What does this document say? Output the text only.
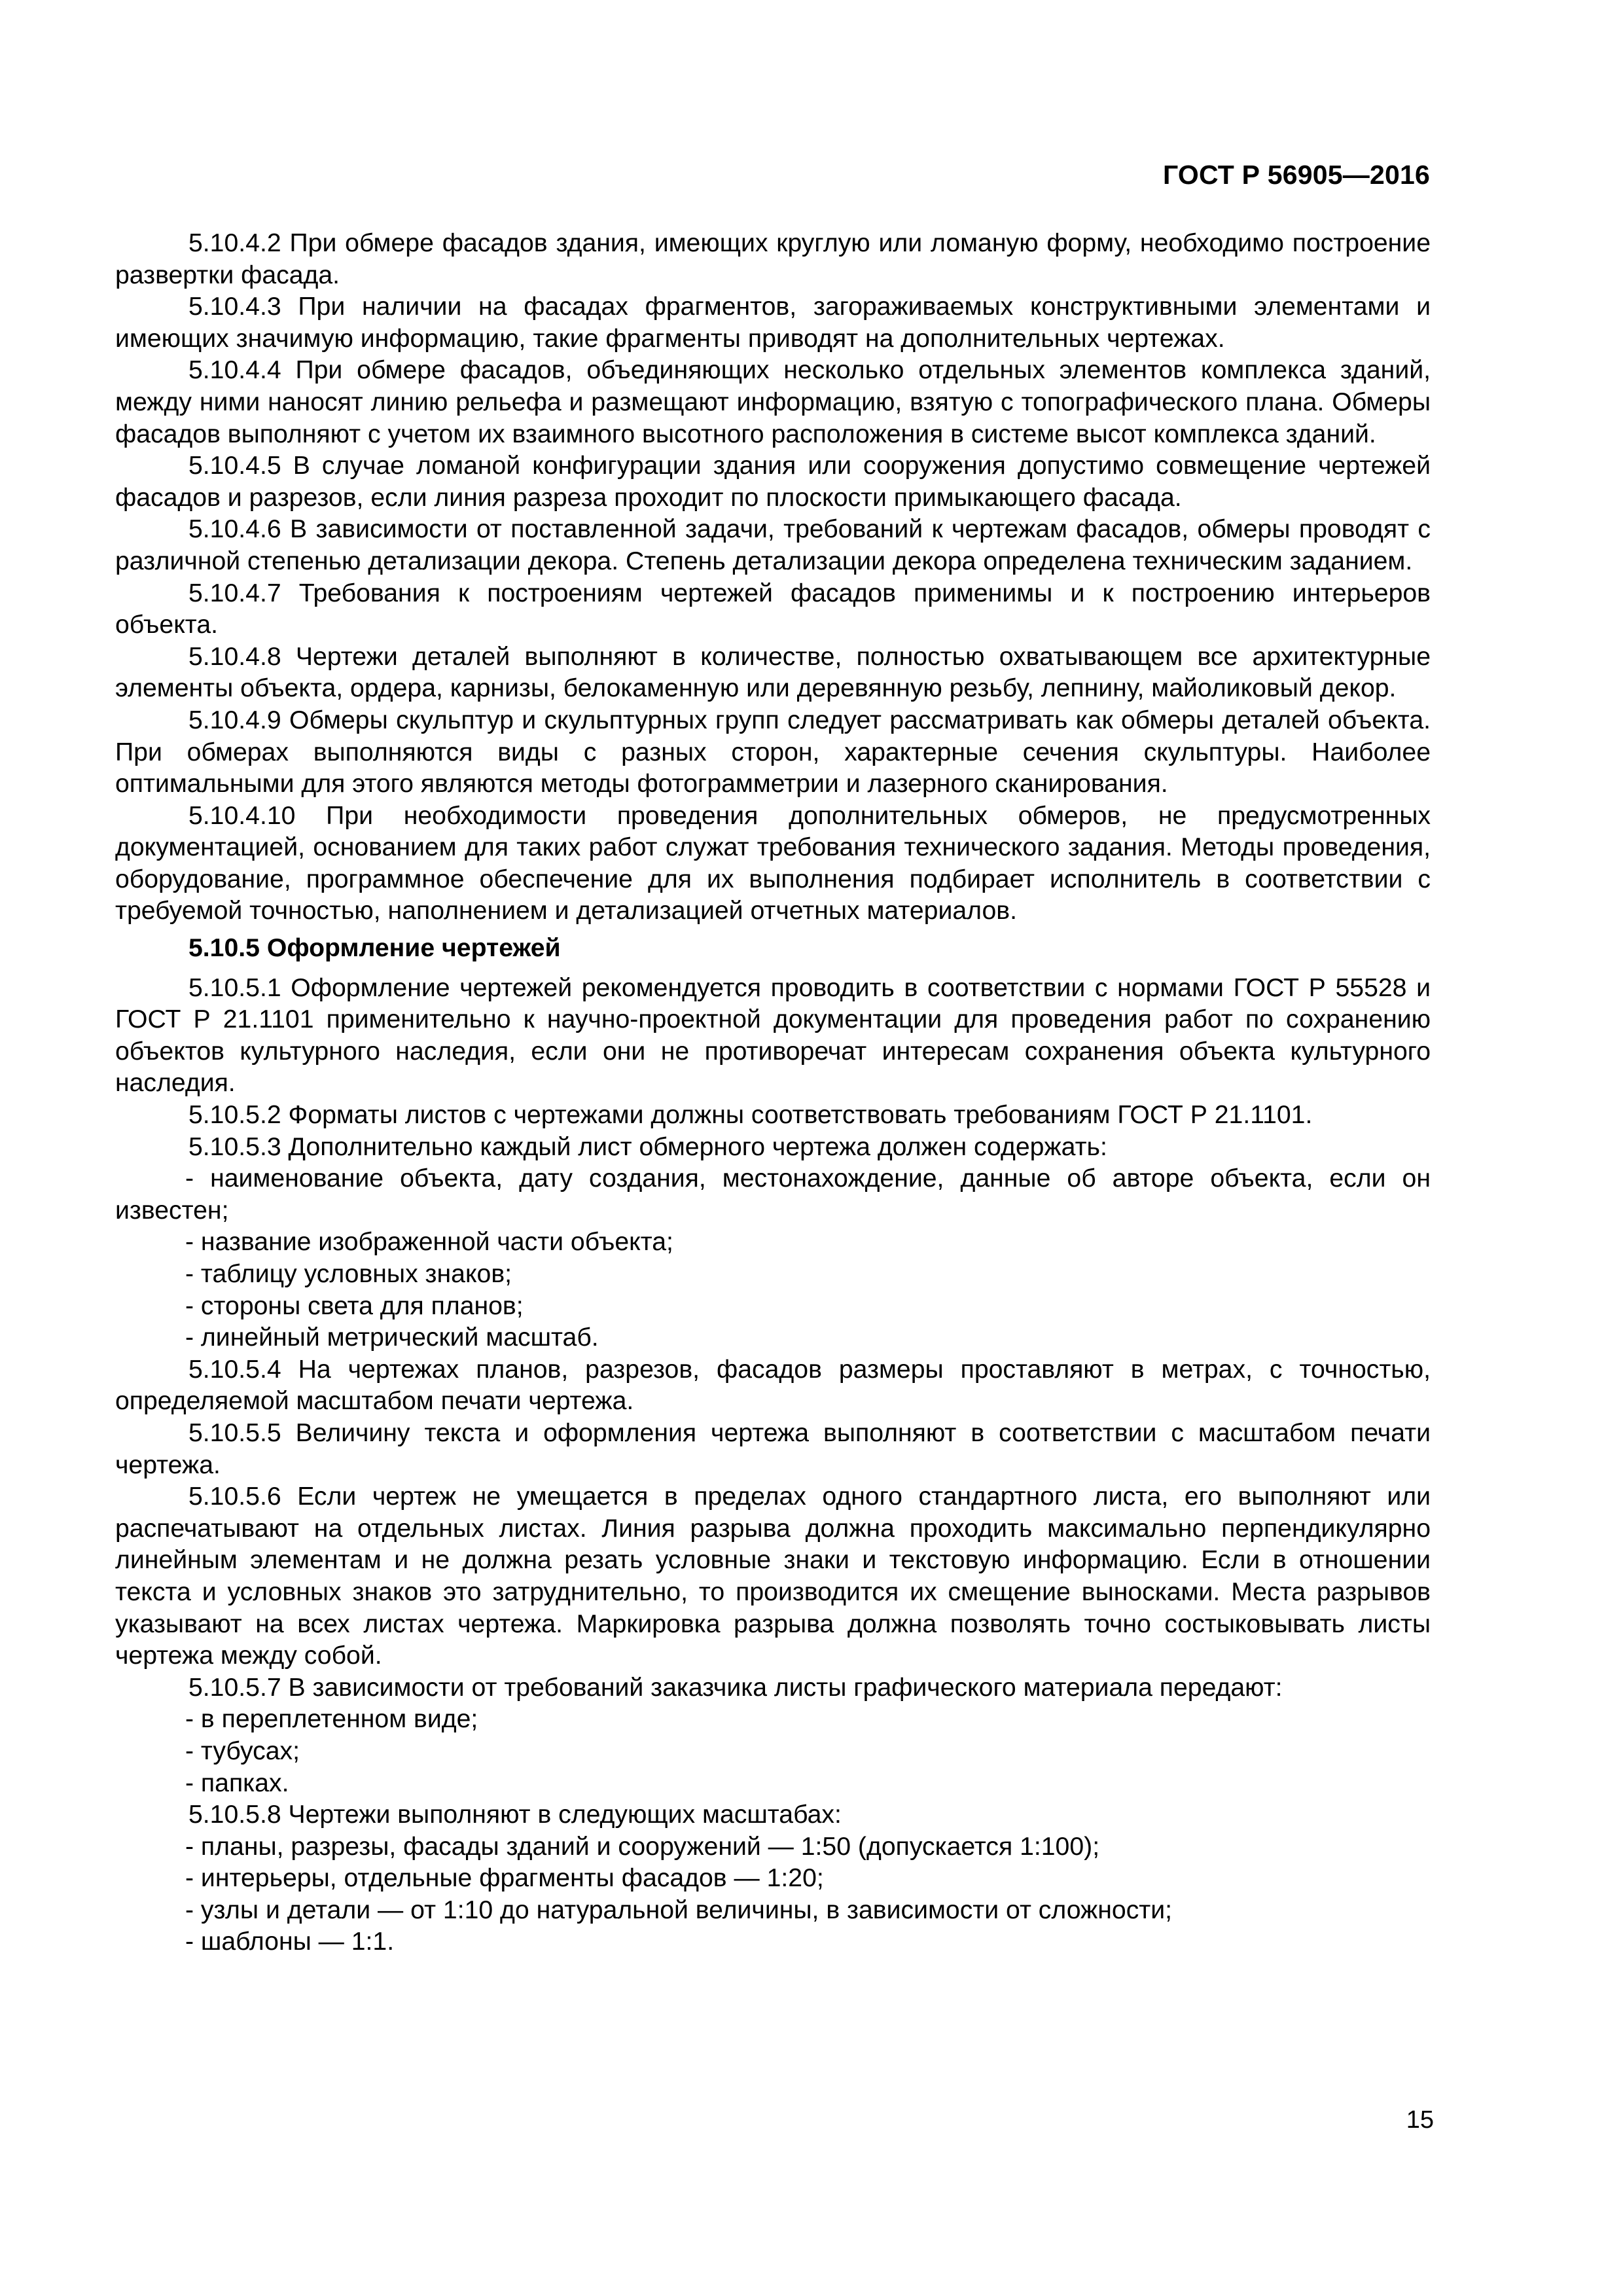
ГОСТ Р 56905—2016

5.10.4.2 При обмере фасадов здания, имеющих круглую или ломаную форму, необходимо построение развертки фасада.

5.10.4.3 При наличии на фасадах фрагментов, загораживаемых конструктивными элементами и имеющих значимую информацию, такие фрагменты приводят на дополнительных чертежах.

5.10.4.4 При обмере фасадов, объединяющих несколько отдельных элементов комплекса зданий, между ними наносят линию рельефа и размещают информацию, взятую с топографического плана. Обмеры фасадов выполняют с учетом их взаимного высотного расположения в системе высот комплекса зданий.

5.10.4.5 В случае ломаной конфигурации здания или сооружения допустимо совмещение чертежей фасадов и разрезов, если линия разреза проходит по плоскости примыкающего фасада.

5.10.4.6 В зависимости от поставленной задачи, требований к чертежам фасадов, обмеры проводят с различной степенью детализации декора. Степень детализации декора определена техническим заданием.

5.10.4.7 Требования к построениям чертежей фасадов применимы и к построению интерьеров объекта.

5.10.4.8 Чертежи деталей выполняют в количестве, полностью охватывающем все архитектурные элементы объекта, ордера, карнизы, белокаменную или деревянную резьбу, лепнину, майоликовый декор.

5.10.4.9 Обмеры скульптур и скульптурных групп следует рассматривать как обмеры деталей объекта. При обмерах выполняются виды с разных сторон, характерные сечения скульптуры. Наиболее оптимальными для этого являются методы фотограмметрии и лазерного сканирования.

5.10.4.10 При необходимости проведения дополнительных обмеров, не предусмотренных документацией, основанием для таких работ служат требования технического задания. Методы проведения, оборудование, программное обеспечение для их выполнения подбирает исполнитель в соответствии с требуемой точностью, наполнением и детализацией отчетных материалов.

5.10.5 Оформление чертежей

5.10.5.1 Оформление чертежей рекомендуется проводить в соответствии с нормами ГОСТ Р 55528 и ГОСТ Р 21.1101 применительно к научно-проектной документации для проведения работ по сохранению объектов культурного наследия, если они не противоречат интересам сохранения объекта культурного наследия.

5.10.5.2 Форматы листов с чертежами должны соответствовать требованиям ГОСТ Р 21.1101.

5.10.5.3 Дополнительно каждый лист обмерного чертежа должен содержать:

- наименование объекта, дату создания, местонахождение, данные об авторе объекта, если он известен;

- название изображенной части объекта;

- таблицу условных знаков;

- стороны света для планов;

- линейный метрический масштаб.

5.10.5.4 На чертежах планов, разрезов, фасадов размеры проставляют в метрах, с точностью, определяемой масштабом печати чертежа.

5.10.5.5 Величину текста и оформления чертежа выполняют в соответствии с масштабом печати чертежа.

5.10.5.6 Если чертеж не умещается в пределах одного стандартного листа, его выполняют или распечатывают на отдельных листах. Линия разрыва должна проходить максимально перпендикулярно линейным элементам и не должна резать условные знаки и текстовую информацию. Если в отношении текста и условных знаков это затруднительно, то производится их смещение выносками. Места разрывов указывают на всех листах чертежа. Маркировка разрыва должна позволять точно состыковывать листы чертежа между собой.

5.10.5.7 В зависимости от требований заказчика листы графического материала передают:

- в переплетенном виде;

- тубусах;

- папках.

5.10.5.8 Чертежи выполняют в следующих масштабах:

- планы, разрезы, фасады зданий и сооружений — 1:50 (допускается 1:100);

- интерьеры, отдельные фрагменты фасадов — 1:20;

- узлы и детали — от 1:10 до натуральной величины, в зависимости от сложности;

- шаблоны — 1:1.

15
